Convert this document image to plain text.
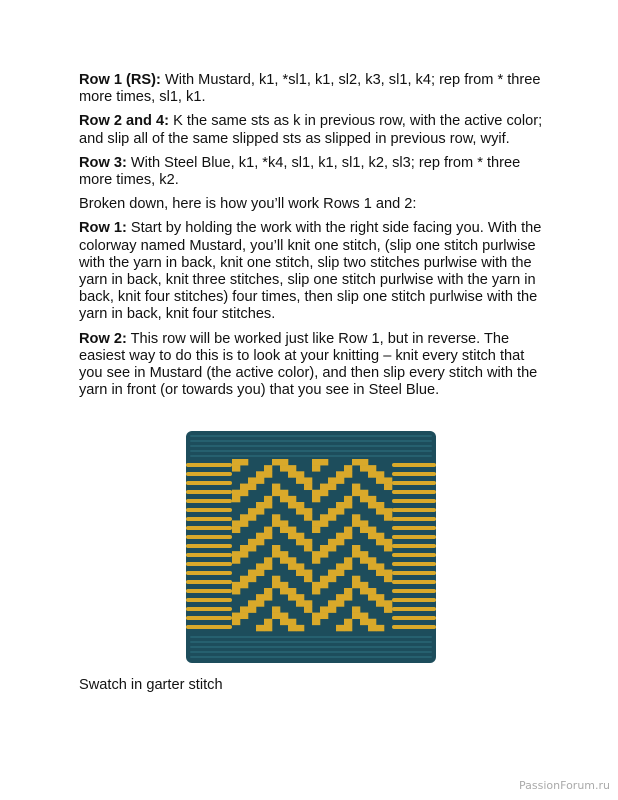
Row 1 (RS): With Mustard, k1, *sl1, k1, sl2, k3, sl1, k4; rep from * three more times, sl1, k1.

Row 2 and 4: K the same sts as k in previous row, with the active color; and slip all of the same slipped sts as slipped in previous row, wyif.

Row 3: With Steel Blue, k1, *k4, sl1, k1, sl1, k2, sl3; rep from * three more times, k2.

Broken down, here is how you’ll work Rows 1 and 2:

Row 1: Start by holding the work with the right side facing you. With the colorway named Mustard, you’ll knit one stitch, (slip one stitch purlwise with the yarn in back, knit one stitch, slip two stitches purlwise with the yarn in back, knit three stitches, slip one stitch purlwise with the yarn in back, knit four stitches) four times, then slip one stitch purlwise with the yarn in back, knit four stitches.

Row 2: This row will be worked just like Row 1, but in reverse. The easiest way to do this is to look at your knitting – knit every stitch that you see in Mustard (the active color), and then slip every stitch with the yarn in front (or towards you) that you see in Steel Blue.

Swatch in garter stitch
PassionForum.ru
